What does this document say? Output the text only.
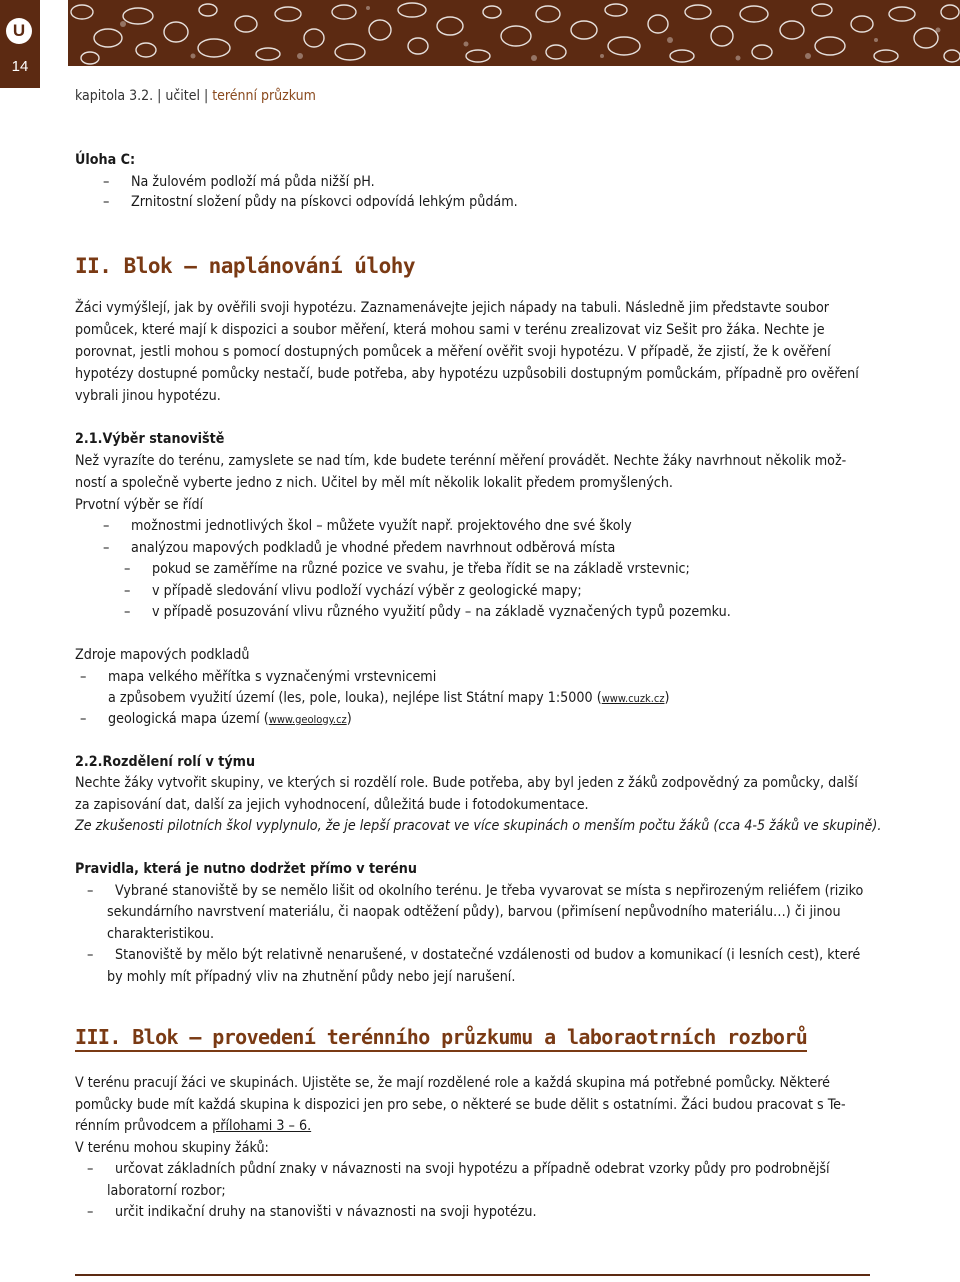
U
14
kapitola 3.2. | učitel | terénní průzkum
Úloha C:
– Na žulovém podloží má půda nižší pH.
– Zrnitostní složení půdy na pískovci odpovídá lehkým půdám.
II. Blok – naplánování úlohy
Žáci vymýšlejí, jak by ověřili svoji hypotézu. Zaznamenávejte jejich nápady na tabuli. Následně jim představte soubor
pomůcek, které mají k dispozici a soubor měření, která mohou sami v terénu zrealizovat viz Sešit pro žáka. Nechte je
porovnat, jestli mohou s pomocí dostupných pomůcek a měření ověřit svoji hypotézu. V případě, že zjistí, že k ověření
hypotézy dostupné pomůcky nestačí, bude potřeba, aby hypotézu uzpůsobili dostupným pomůckám, případně pro ověření
vybrali jinou hypotézu.
2.1.Výběr stanoviště
Než vyrazíte do terénu, zamyslete se nad tím, kde budete terénní měření provádět. Nechte žáky navrhnout několik mož-
ností a společně vyberte jedno z nich. Učitel by měl mít několik lokalit předem promyšlených.
Prvotní výběr se řídí
– možnostmi jednotlivých škol – můžete využít např. projektového dne své školy
– analýzou mapových podkladů je vhodné předem navrhnout odběrová místa
– pokud se zaměříme na různé pozice ve svahu, je třeba řídit se na základě vrstevnic;
– v případě sledování vlivu podloží vychází výběr z geologické mapy;
– v případě posuzování vlivu různého využití půdy – na základě vyznačených typů pozemku.
Zdroje mapových podkladů
– mapa velkého měřítka s vyznačenými vrstevnicemi
a způsobem využití území (les, pole, louka), nejlépe list Státní mapy 1:5000 (www.cuzk.cz)
– geologická mapa území (www.geology.cz)
2.2.Rozdělení rolí v týmu
Nechte žáky vytvořit skupiny, ve kterých si rozdělí role. Bude potřeba, aby byl jeden z žáků zodpovědný za pomůcky, další
za zapisování dat, další za jejich vyhodnocení, důležitá bude i fotodokumentace.
Ze zkušenosti pilotních škol vyplynulo, že je lepší pracovat ve více skupinách o menším počtu žáků (cca 4-5 žáků ve skupině).
Pravidla, která je nutno dodržet přímo v terénu
– Vybrané stanoviště by se nemělo lišit od okolního terénu. Je třeba vyvarovat se místa s nepřirozeným reliéfem (riziko
sekundárního navrstvení materiálu, či naopak odtěžení půdy), barvou (přimísení nepůvodního materiálu…) či jinou
charakteristikou.
– Stanoviště by mělo být relativně nenarušené, v dostatečné vzdálenosti od budov a komunikací (i lesních cest), které
by mohly mít případný vliv na zhutnění půdy nebo její narušení.
III. Blok – provedení terénního průzkumu a laboraotrních rozborů
V terénu pracují žáci ve skupinách. Ujistěte se, že mají rozdělené role a každá skupina má potřebné pomůcky. Některé
pomůcky bude mít každá skupina k dispozici jen pro sebe, o některé se bude dělit s ostatními. Žáci budou pracovat s Te-
rénním průvodcem a přílohami 3 – 6.
V terénu mohou skupiny žáků:
– určovat základních půdní znaky v návaznosti na svoji hypotézu a případně odebrat vzorky půdy pro podrobnější
laboratorní rozbor;
– určit indikační druhy na stanovišti v návaznosti na svoji hypotézu.
